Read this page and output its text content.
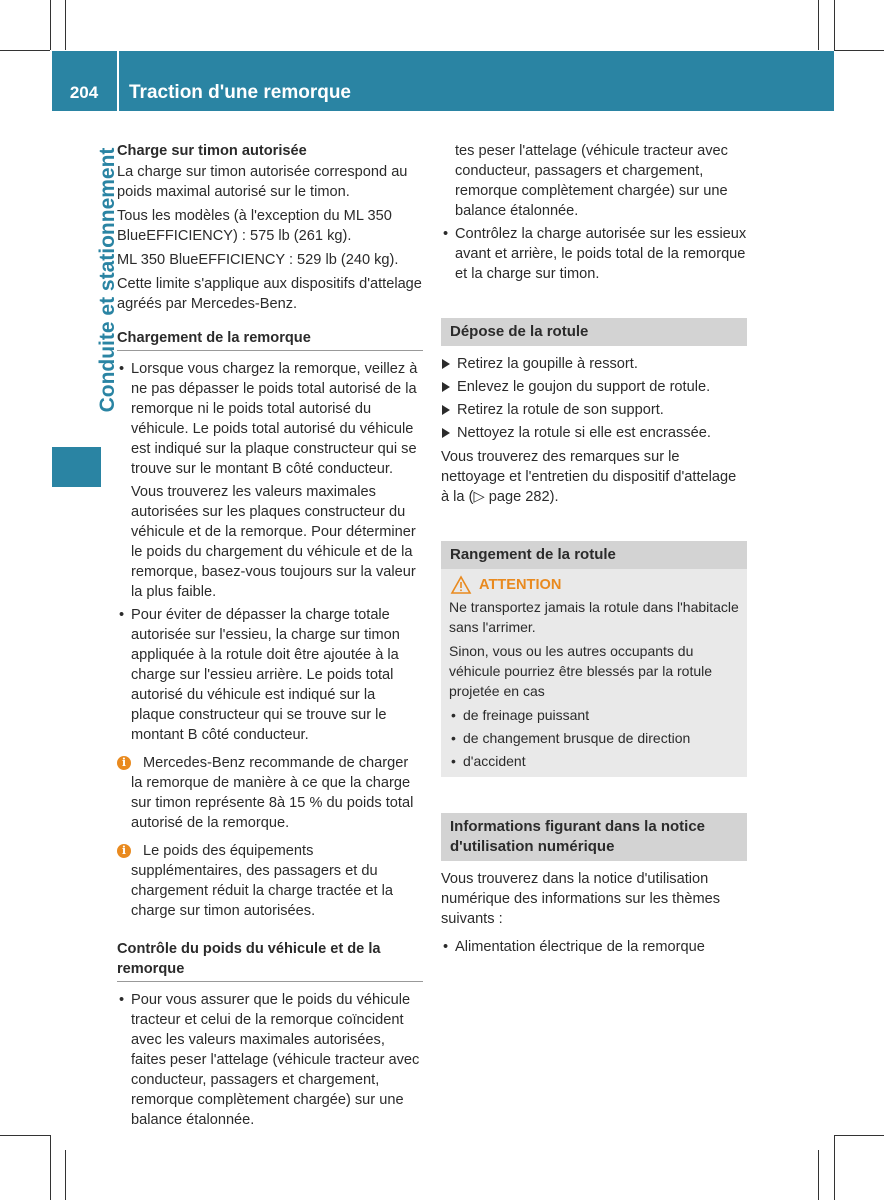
204	Traction d'une remorque
Conduite et stationnement
Charge sur timon autorisée

La charge sur timon autorisée correspond au poids maximal autorisé sur le timon.

Tous les modèles (à l'exception du ML 350 BlueEFFICIENCY) : 575 lb (261 kg).

ML 350 BlueEFFICIENCY : 529 lb (240 kg).

Cette limite s'applique aux dispositifs d'attelage agréés par Mercedes-Benz.

Chargement de la remorque
• Lorsque vous chargez la remorque, veillez à ne pas dépasser le poids total autorisé de la remorque ni le poids total autorisé du véhicule. Le poids total autorisé du véhicule est indiqué sur la plaque constructeur qui se trouve sur le montant B côté conducteur.
Vous trouverez les valeurs maximales autorisées sur les plaques constructeur du véhicule et de la remorque. Pour déterminer le poids du chargement du véhicule et de la remorque, basez-vous toujours sur la valeur la plus faible.
• Pour éviter de dépasser la charge totale autorisée sur l'essieu, la charge sur timon appliquée à la rotule doit être ajoutée à la charge sur l'essieu arrière. Le poids total autorisé du véhicule est indiqué sur la plaque constructeur qui se trouve sur le montant B côté conducteur.
i	Mercedes-Benz recommande de charger la remorque de manière à ce que la charge sur timon représente 8à 15 % du poids total autorisé de la remorque.
i	Le poids des équipements supplémentaires, des passagers et du chargement réduit la charge tractée et la charge sur timon autorisées.
Contrôle du poids du véhicule et de la remorque
• Pour vous assurer que le poids du véhicule tracteur et celui de la remorque coïncident avec les valeurs maximales autorisées, faites peser l'attelage (véhicule tracteur avec conducteur, passagers et chargement, remorque complètement chargée) sur une balance étalonnée.
tes peser l'attelage (véhicule tracteur avec conducteur, passagers et chargement, remorque complètement chargée) sur une balance étalonnée.
• Contrôlez la charge autorisée sur les essieux avant et arrière, le poids total de la remorque et la charge sur timon.
Dépose de la rotule
Retirez la goupille à ressort.
Enlevez le goujon du support de rotule.
Retirez la rotule de son support.
Nettoyez la rotule si elle est encrassée.

Vous trouverez des remarques sur le nettoyage et l'entretien du dispositif d'attelage à la (▷ page 282).

Rangement de la rotule
ATTENTION

Ne transportez jamais la rotule dans l'habitacle sans l'arrimer.

Sinon, vous ou les autres occupants du véhicule pourriez être blessés par la rotule projetée en cas

• de freinage puissant
• de changement brusque de direction
• d'accident
Informations figurant dans la notice d'utilisation numérique

Vous trouverez dans la notice d'utilisation numérique des informations sur les thèmes suivants :

• Alimentation électrique de la remorque
